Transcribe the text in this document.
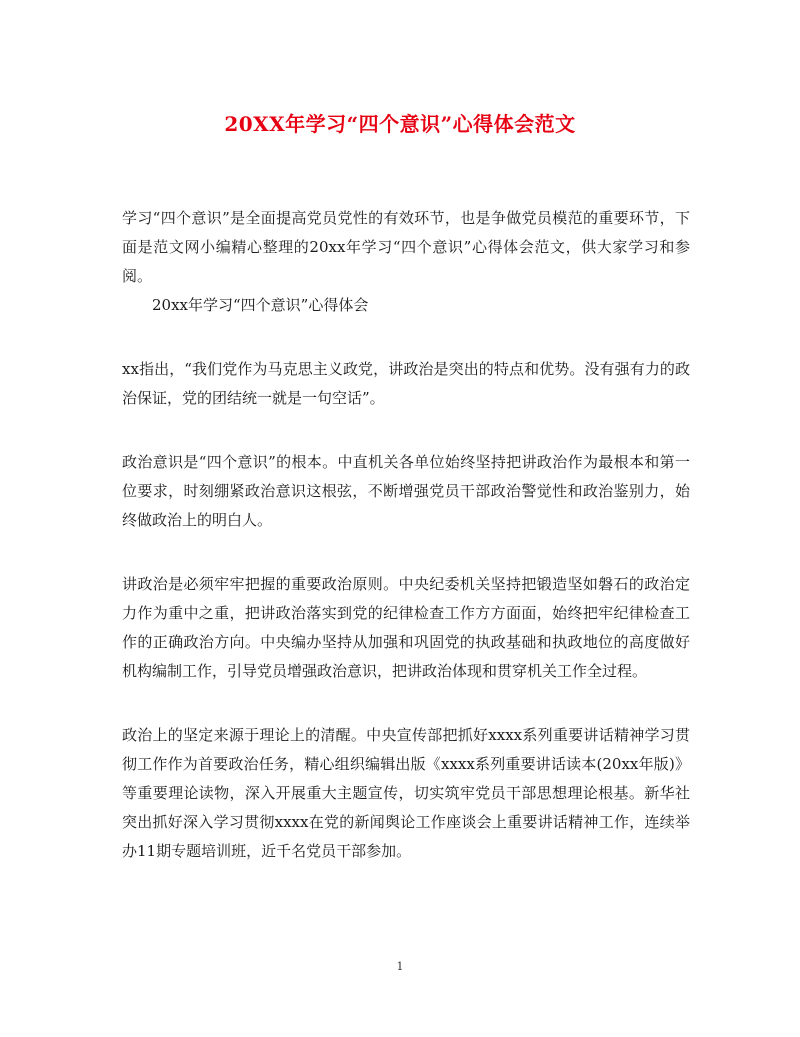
20XX年学习“四个意识”心得体会范文

学习“四个意识”是全面提高党员党性的有效环节，也是争做党员模范的重要环节，下面是范文网小编精心整理的20xx年学习“四个意识”心得体会范文，供大家学习和参阅。

20xx年学习“四个意识”心得体会

xx指出，“我们党作为马克思主义政党，讲政治是突出的特点和优势。没有强有力的政治保证，党的团结统一就是一句空话”。

政治意识是“四个意识”的根本。中直机关各单位始终坚持把讲政治作为最根本和第一位要求，时刻绷紧政治意识这根弦，不断增强党员干部政治警觉性和政治鉴别力，始终做政治上的明白人。

讲政治是必须牢牢把握的重要政治原则。中央纪委机关坚持把锻造坚如磐石的政治定力作为重中之重，把讲政治落实到党的纪律检查工作方方面面，始终把牢纪律检查工作的正确政治方向。中央编办坚持从加强和巩固党的执政基础和执政地位的高度做好机构编制工作，引导党员增强政治意识，把讲政治体现和贯穿机关工作全过程。

政治上的坚定来源于理论上的清醒。中央宣传部把抓好xxxx系列重要讲话精神学习贯彻工作作为首要政治任务，精心组织编辑出版《xxxx系列重要讲话读本(20xx年版)》等重要理论读物，深入开展重大主题宣传，切实筑牢党员干部思想理论根基。新华社突出抓好深入学习贯彻xxxx在党的新闻舆论工作座谈会上重要讲话精神工作，连续举办11期专题培训班，近千名党员干部参加。

1
